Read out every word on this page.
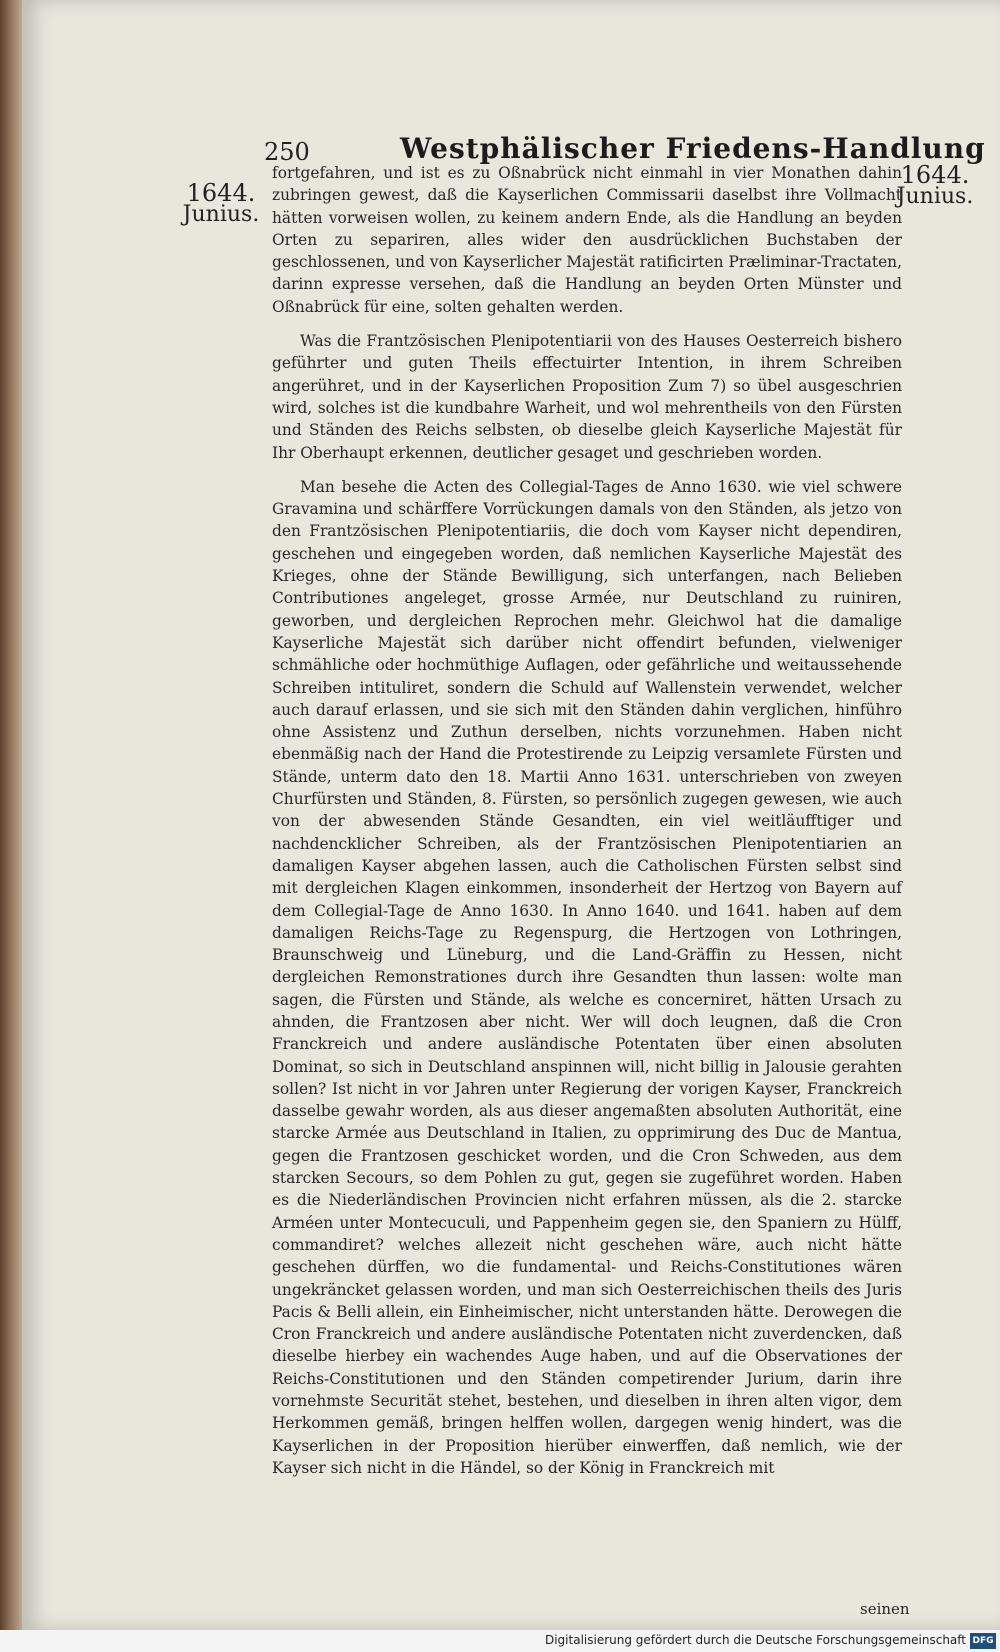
250	Westphälischer Friedens-Handlung
1644.
Junius.
1644.
Junius.

fortgefahren, und ist es zu Oßnabrück nicht einmahl in vier Monathen dahin zubringen gewest, daß die Kayserlichen Commissarii daselbst ihre Vollmacht hätten vorweisen wollen, zu keinem andern Ende, als die Handlung an beyden Orten zu separiren, alles wider den ausdrücklichen Buchstaben der geschlossenen, und von Kayserlicher Majestät ratificirten Præliminar-Tractaten, darinn expresse versehen, daß die Handlung an beyden Orten Münster und Oßnabrück für eine, solten gehalten werden.

Was die Frantzösischen Plenipotentiarii von des Hauses Oesterreich bishero geführter und guten Theils effectuirter Intention, in ihrem Schreiben angerühret, und in der Kayserlichen Proposition Zum 7) so übel ausgeschrien wird, solches ist die kundbahre Warheit, und wol mehrentheils von den Fürsten und Ständen des Reichs selbsten, ob dieselbe gleich Kayserliche Majestät für Ihr Oberhaupt erkennen, deutlicher gesaget und geschrieben worden.

Man besehe die Acten des Collegial-Tages de Anno 1630. wie viel schwere Gravamina und schärffere Vorrückungen damals von den Ständen, als jetzo von den Frantzösischen Plenipotentiariis, die doch vom Kayser nicht dependiren, geschehen und eingegeben worden, daß nemlichen Kayserliche Majestät des Krieges, ohne der Stände Bewilligung, sich unterfangen, nach Belieben Contributiones angeleget, grosse Armée, nur Deutschland zu ruiniren, geworben, und dergleichen Reprochen mehr. Gleichwol hat die damalige Kayserliche Majestät sich darüber nicht offendirt befunden, vielweniger schmähliche oder hochmüthige Auflagen, oder gefährliche und weitaussehende Schreiben intituliret, sondern die Schuld auf Wallenstein verwendet, welcher auch darauf erlassen, und sie sich mit den Ständen dahin verglichen, hinführo ohne Assistenz und Zuthun derselben, nichts vorzunehmen. Haben nicht ebenmäßig nach der Hand die Protestirende zu Leipzig versamlete Fürsten und Stände, unterm dato den 18. Martii Anno 1631. unterschrieben von zweyen Churfürsten und Ständen, 8. Fürsten, so persönlich zugegen gewesen, wie auch von der abwesenden Stände Gesandten, ein viel weitläufftiger und nachdencklicher Schreiben, als der Frantzösischen Plenipotentiarien an damaligen Kayser abgehen lassen, auch die Catholischen Fürsten selbst sind mit dergleichen Klagen einkommen, insonderheit der Hertzog von Bayern auf dem Collegial-Tage de Anno 1630. In Anno 1640. und 1641. haben auf dem damaligen Reichs-Tage zu Regenspurg, die Hertzogen von Lothringen, Braunschweig und Lüneburg, und die Land-Gräffin zu Hessen, nicht dergleichen Remonstrationes durch ihre Gesandten thun lassen: wolte man sagen, die Fürsten und Stände, als welche es concerniret, hätten Ursach zu ahnden, die Frantzosen aber nicht. Wer will doch leugnen, daß die Cron Franckreich und andere ausländische Potentaten über einen absoluten Dominat, so sich in Deutschland anspinnen will, nicht billig in Jalousie gerahten sollen? Ist nicht in vor Jahren unter Regierung der vorigen Kayser, Franckreich dasselbe gewahr worden, als aus dieser angemaßten absoluten Authorität, eine starcke Armée aus Deutschland in Italien, zu opprimirung des Duc de Mantua, gegen die Frantzosen geschicket worden, und die Cron Schweden, aus dem starcken Secours, so dem Pohlen zu gut, gegen sie zugeführet worden. Haben es die Niederländischen Provincien nicht erfahren müssen, als die 2. starcke Arméen unter Montecuculi, und Pappenheim gegen sie, den Spaniern zu Hülff, commandiret? welches allezeit nicht geschehen wäre, auch nicht hätte geschehen dürffen, wo die fundamental- und Reichs-Constitutiones wären ungekräncket gelassen worden, und man sich Oesterreichischen theils des Juris Pacis & Belli allein, ein Einheimischer, nicht unterstanden hätte. Derowegen die Cron Franckreich und andere ausländische Potentaten nicht zuverdencken, daß dieselbe hierbey ein wachendes Auge haben, und auf die Observationes der Reichs-Constitutionen und den Ständen competirender Jurium, darin ihre vornehmste Securität stehet, bestehen, und dieselben in ihren alten vigor, dem Herkommen gemäß, bringen helffen wollen, dargegen wenig hindert, was die Kayserlichen in der Proposition hierüber einwerffen, daß nemlich, wie der Kayser sich nicht in die Händel, so der König in Franckreich mit

seinen
Digitalisierung gefördert durch die Deutsche Forschungsgemeinschaft DFG
